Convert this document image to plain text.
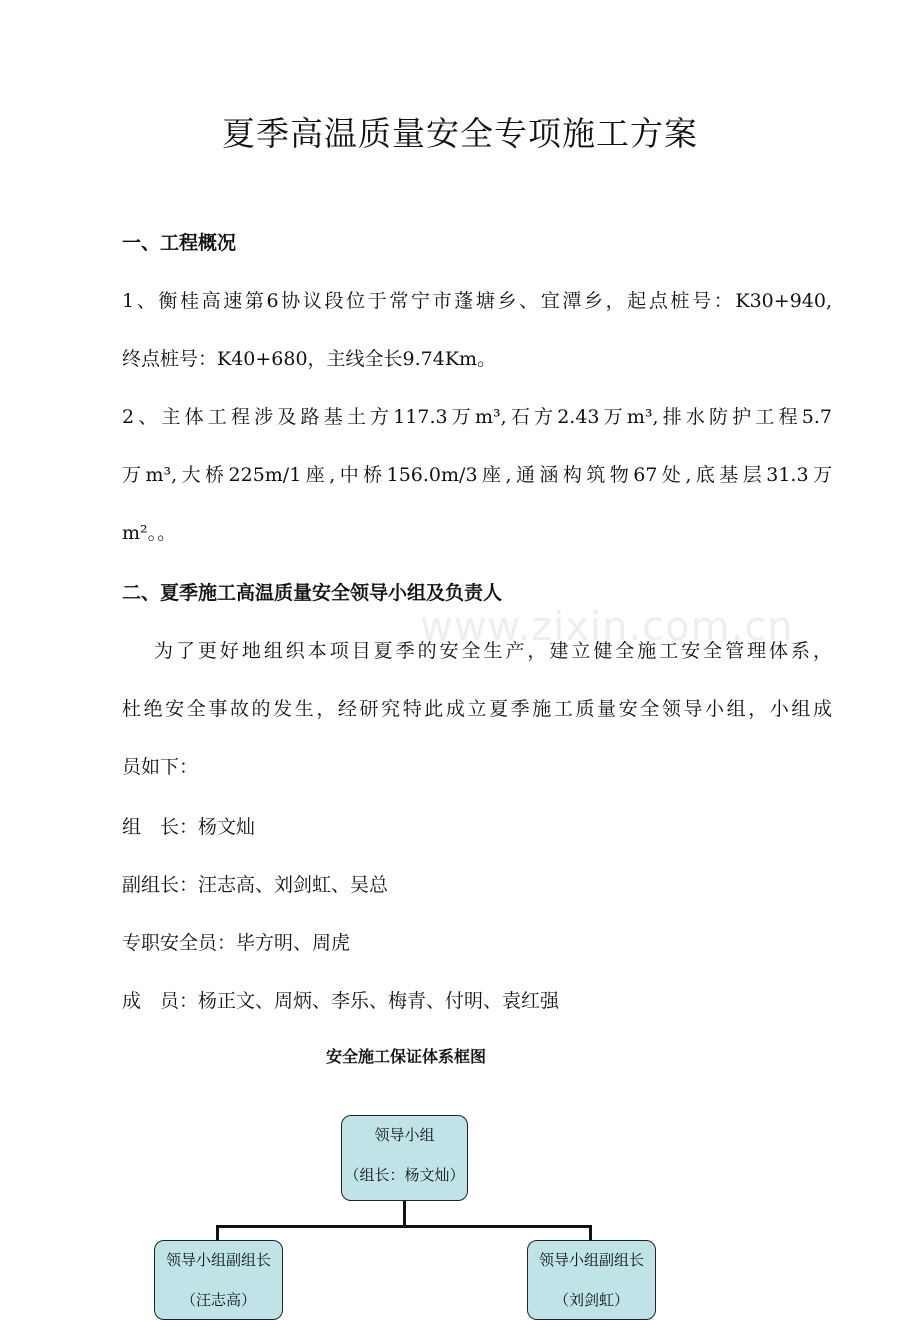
夏季高温质量安全专项施工方案
一、工程概况
1、衡桂高速第6协议段位于常宁市蓬塘乡、宜潭乡，起点桩号：K30+940,
终点桩号：K40+680，主线全长9.74Km。
2、主体工程涉及路基土方117.3万m³,石方2.43万m³,排水防护工程5.7
万m³,大桥225m/1座,中桥156.0m/3座,通涵构筑物67处,底基层31.3万
m²。。
二、夏季施工高温质量安全领导小组及负责人
www.zixin.com.cn
为了更好地组织本项目夏季的安全生产，建立健全施工安全管理体系，
杜绝安全事故的发生，经研究特此成立夏季施工质量安全领导小组，小组成
员如下：
组　长：杨文灿
副组长：汪志高、刘剑虹、吴总
专职安全员：毕方明、周虎
成　员：杨正文、周炳、李乐、梅青、付明、袁红强
安全施工保证体系框图
领导小组
（组长：杨文灿）
领导小组副组长
（汪志高）
领导小组副组长
（刘剑虹）
